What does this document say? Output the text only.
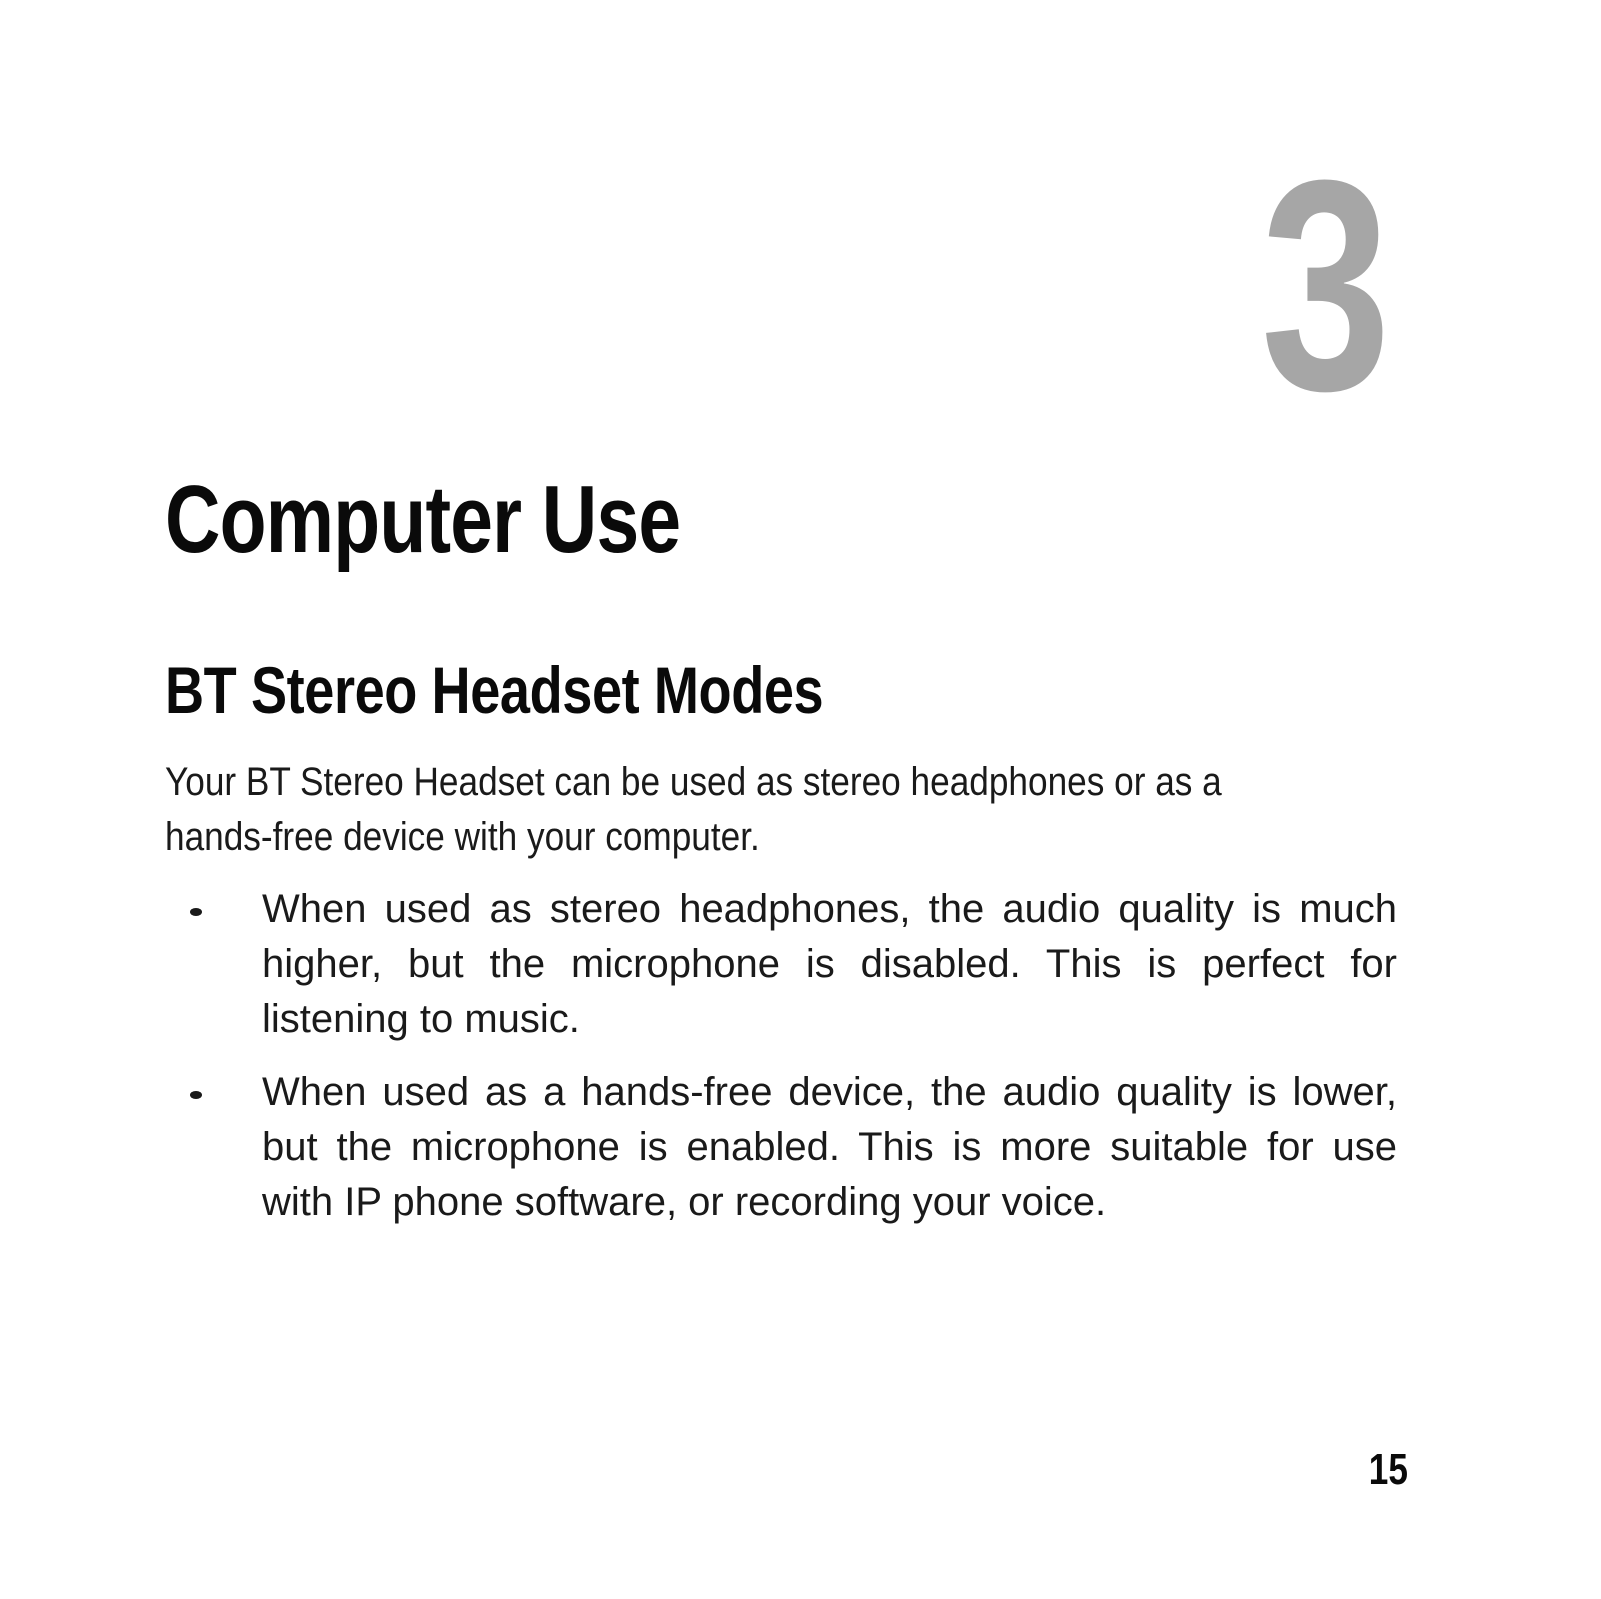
3
Computer Use
BT Stereo Headset Modes

Your BT Stereo Headset can be used as stereo headphones or as a hands-free device with your computer.

When used as stereo headphones, the audio quality is much higher, but the microphone is disabled. This is perfect for listening to music.
When used as a hands-free device, the audio quality is lower, but the microphone is enabled. This is more suitable for use with IP phone software, or recording your voice.
15
